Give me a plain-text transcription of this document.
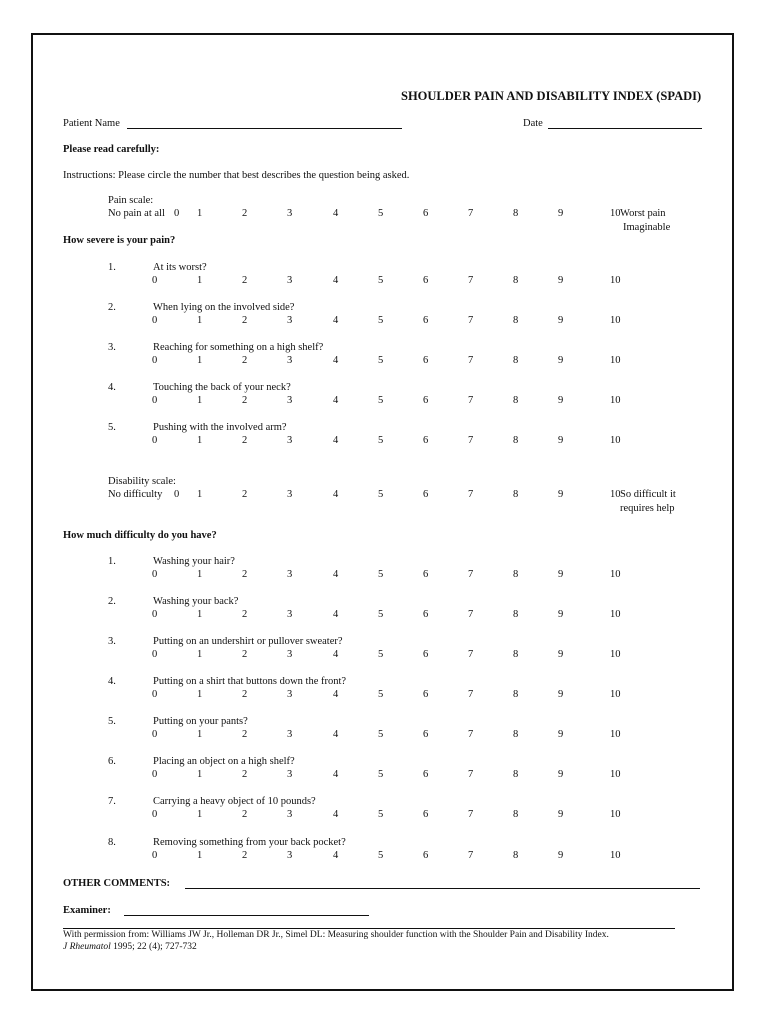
SHOULDER PAIN AND DISABILITY INDEX (SPADI)
Patient Name	Date
Please read carefully:
Instructions: Please circle the number that best describes the question being asked.
Pain scale:
No pain at all 0 1	2	3	4	5	6	7	8	9	10 Worst pain
Imaginable
How severe is your pain?
1.	At its worst?
0	1	2	3	4	5	6	7	8	9	10
2.	When lying on the involved side?
0	1	2	3	4	5	6	7	8	9	10
3.	Reaching for something on a high shelf?
0	1	2	3	4	5	6	7	8	9	10
4.	Touching the back of your neck?
0	1	2	3	4	5	6	7	8	9	10
5.	Pushing with the involved arm?
0	1	2	3	4	5	6	7	8	9	10
Disability scale:
No difficulty 0 1	2	3	4	5	6	7	8	9	10 So difficult it
requires help
How much difficulty do you have?
1.	Washing your hair?
0	1	2	3	4	5	6	7	8	9	10
2.	Washing your back?
0	1	2	3	4	5	6	7	8	9	10
3.	Putting on an undershirt or pullover sweater?
0	1	2	3	4	5	6	7	8	9	10
4.	Putting on a shirt that buttons down the front?
0	1	2	3	4	5	6	7	8	9	10
5.	Putting on your pants?
0	1	2	3	4	5	6	7	8	9	10
6.	Placing an object on a high shelf?
0	1	2	3	4	5	6	7	8	9	10
7.	Carrying a heavy object of 10 pounds?
0	1	2	3	4	5	6	7	8	9	10
8.	Removing something from your back pocket?
0	1	2	3	4	5	6	7	8	9	10
OTHER COMMENTS:
Examiner:
With permission from: Williams JW Jr., Holleman DR Jr., Simel DL: Measuring shoulder function with the Shoulder Pain and Disability Index.
J Rheumatol 1995; 22 (4); 727-732
